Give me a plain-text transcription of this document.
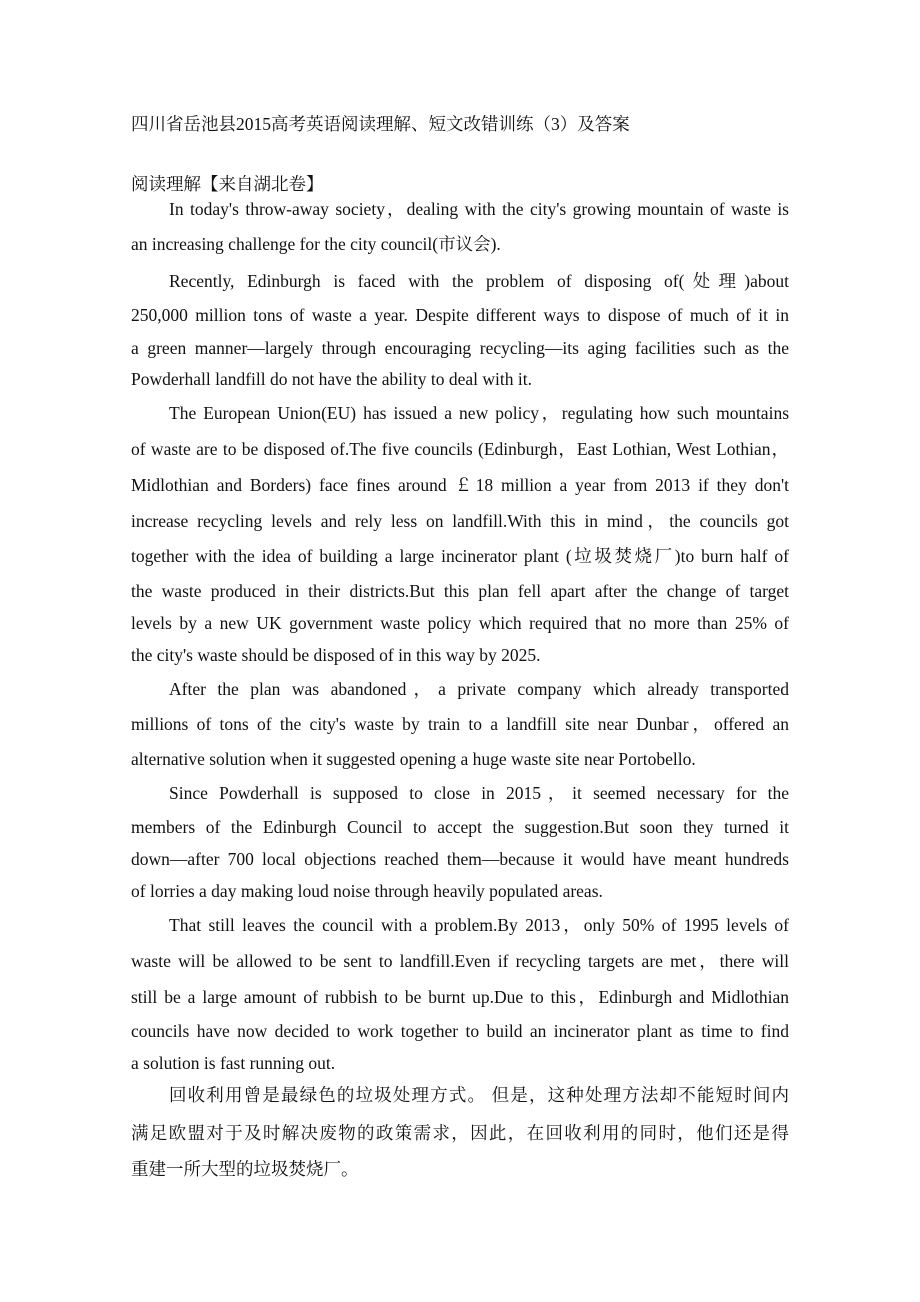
四川省岳池县2015高考英语阅读理解、短文改错训练（3）及答案
阅读理解【来自湖北卷】
In today's throw-away society，dealing with the city's growing mountain of waste is
an increasing challenge for the city council(市议会).
Recently, Edinburgh is faced with the problem of disposing of(处理)about
250,000 million tons of waste a year. Despite different ways to dispose of much of it in
a green manner—largely through encouraging recycling—its aging facilities such as the
Powderhall landfill do not have the ability to deal with it.
The European Union(EU) has issued a new policy，regulating how such mountains
of waste are to be disposed of.The five councils (Edinburgh，East Lothian, West Lothian，
Midlothian and Borders) face fines around ￡18 million a year from 2013 if they don't
increase recycling levels and rely less on landfill.With this in mind，the councils got
together with the idea of building a large incinerator plant (垃圾焚烧厂)to burn half of
the waste produced in their districts.But this plan fell apart after the change of target
levels by a new UK government waste policy which required that no more than 25% of
the city's waste should be disposed of in this way by 2025.
After the plan was abandoned，a private company which already transported
millions of tons of the city's waste by train to a landfill site near Dunbar，offered an
alternative solution when it suggested opening a huge waste site near Portobello.
Since Powderhall is supposed to close in 2015，it seemed necessary for the
members of the Edinburgh Council to accept the suggestion.But soon they turned it
down—after 700 local objections reached them—because it would have meant hundreds
of lorries a day making loud noise through heavily populated areas.
That still leaves the council with a problem.By 2013，only 50% of 1995 levels of
waste will be allowed to be sent to landfill.Even if recycling targets are met，there will
still be a large amount of rubbish to be burnt up.Due to this，Edinburgh and Midlothian
councils have now decided to work together to build an incinerator plant as time to find
a solution is fast running out.
回收利用曾是最绿色的垃圾处理方式。 但是，这种处理方法却不能短时间内
满足欧盟对于及时解决废物的政策需求，因此，在回收利用的同时，他们还是得
重建一所大型的垃圾焚烧厂。
